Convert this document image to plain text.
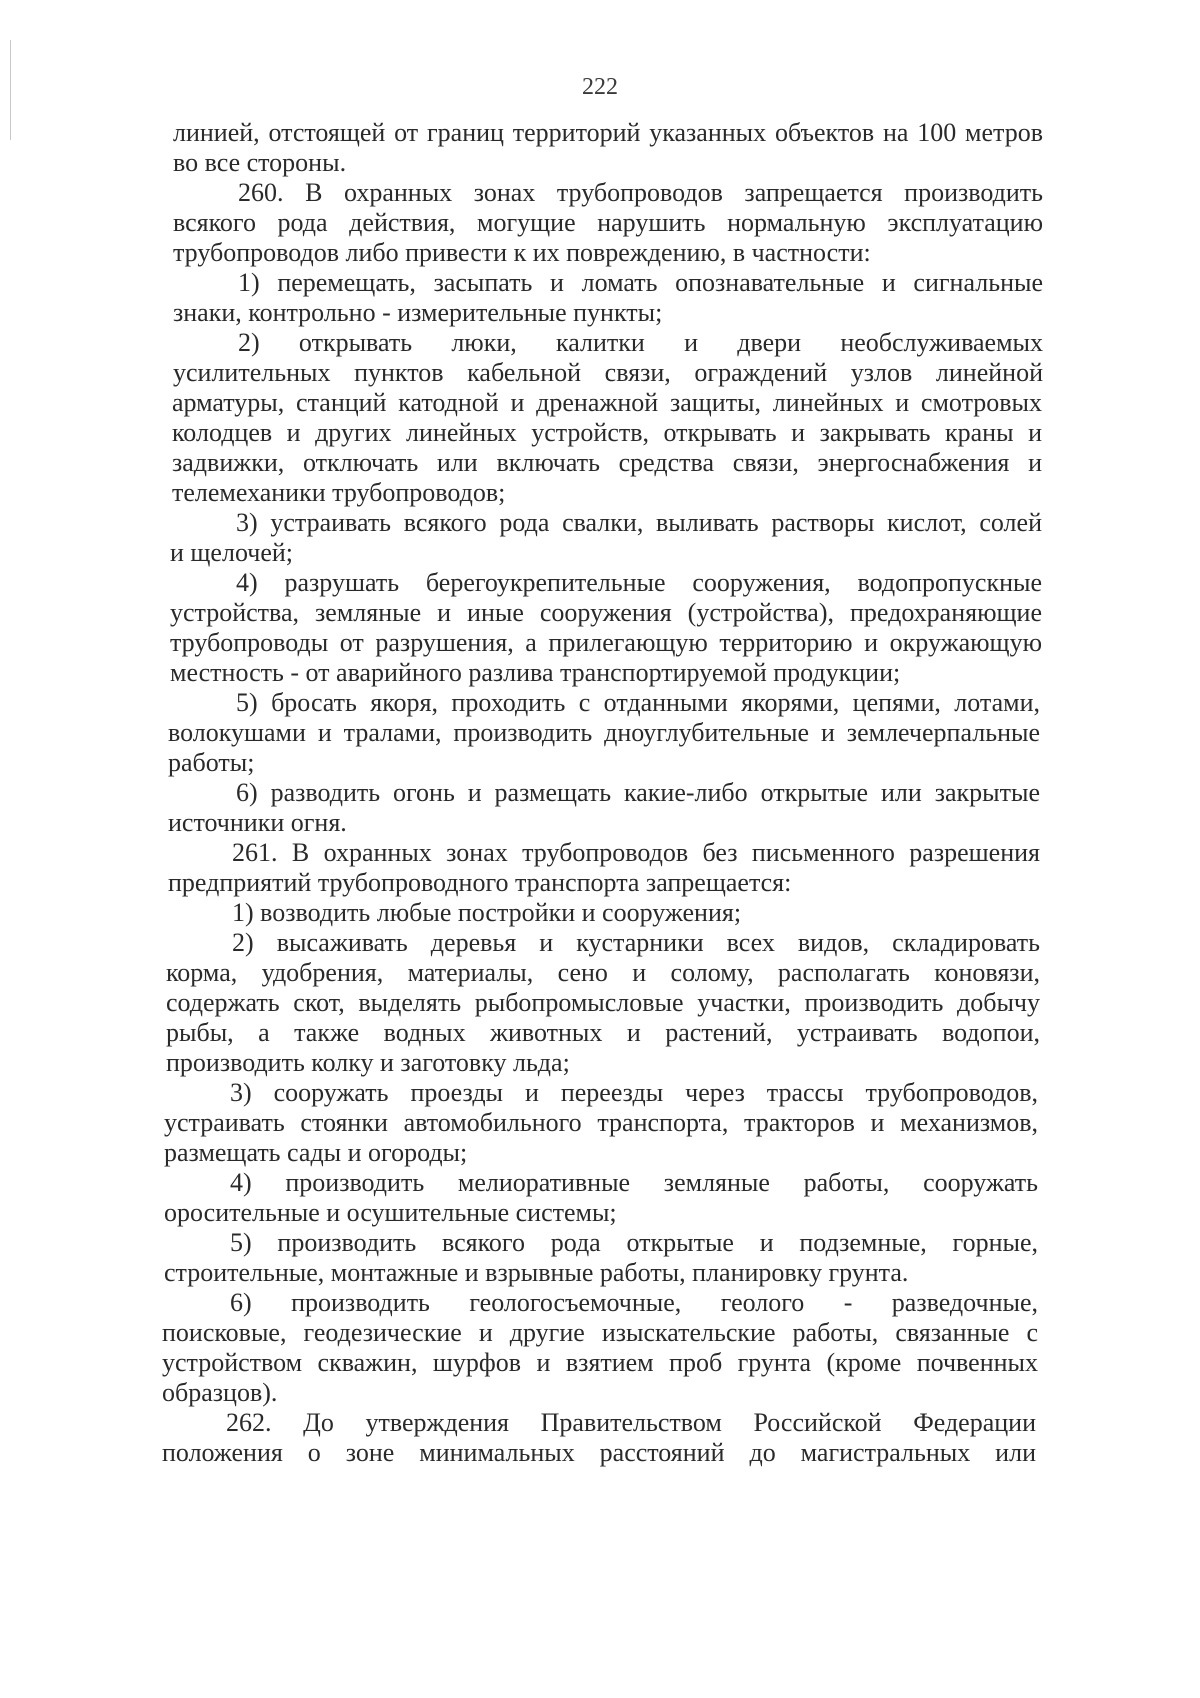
222
линией, отстоящей от границ территорий указанных объектов на 100 метров
во все стороны.
260. В охранных зонах трубопроводов запрещается производить
всякого рода действия, могущие нарушить нормальную эксплуатацию
трубопроводов либо привести к их повреждению, в частности:
1) перемещать, засыпать и ломать опознавательные и сигнальные
знаки, контрольно - измерительные пункты;
2) открывать люки, калитки и двери необслуживаемых
усилительных пунктов кабельной связи, ограждений узлов линейной
арматуры, станций катодной и дренажной защиты, линейных и смотровых
колодцев и других линейных устройств, открывать и закрывать краны и
задвижки, отключать или включать средства связи, энергоснабжения и
телемеханики трубопроводов;
3) устраивать всякого рода свалки, выливать растворы кислот, солей
и щелочей;
4) разрушать берегоукрепительные сооружения, водопропускные
устройства, земляные и иные сооружения (устройства), предохраняющие
трубопроводы от разрушения, а прилегающую территорию и окружающую
местность - от аварийного разлива транспортируемой продукции;
5) бросать якоря, проходить с отданными якорями, цепями, лотами,
волокушами и тралами, производить дноуглубительные и землечерпальные
работы;
6) разводить огонь и размещать какие-либо открытые или закрытые
источники огня.
261. В охранных зонах трубопроводов без письменного разрешения
предприятий трубопроводного транспорта запрещается:
1) возводить любые постройки и сооружения;
2) высаживать деревья и кустарники всех видов, складировать
корма, удобрения, материалы, сено и солому, располагать коновязи,
содержать скот, выделять рыбопромысловые участки, производить добычу
рыбы, а также водных животных и растений, устраивать водопои,
производить колку и заготовку льда;
3) сооружать проезды и переезды через трассы трубопроводов,
устраивать стоянки автомобильного транспорта, тракторов и механизмов,
размещать сады и огороды;
4) производить мелиоративные земляные работы, сооружать
оросительные и осушительные системы;
5) производить всякого рода открытые и подземные, горные,
строительные, монтажные и взрывные работы, планировку грунта.
6) производить геологосъемочные, геолого - разведочные,
поисковые, геодезические и другие изыскательские работы, связанные с
устройством скважин, шурфов и взятием проб грунта (кроме почвенных
образцов).
262. До утверждения Правительством Российской Федерации
положения о зоне минимальных расстояний до магистральных или
